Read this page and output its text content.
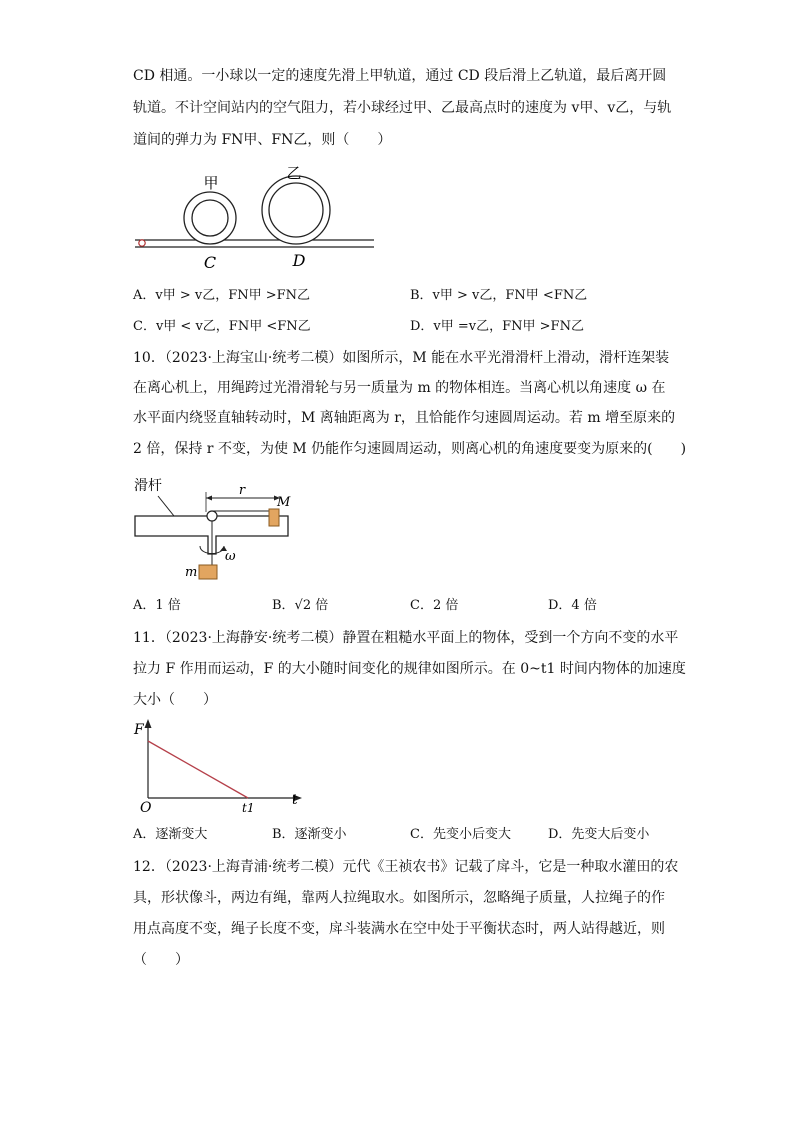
CD 相通。一小球以一定的速度先滑上甲轨道，通过 CD 段后滑上乙轨道，最后离开圆
轨道。不计空间站内的空气阻力，若小球经过甲、乙最高点时的速度为 v甲、v乙，与轨
道间的弹力为 FN甲、FN乙，则（　　）
甲
乙
C	D
A．v甲 > v乙，FN甲 >FN乙	B．v甲 > v乙，FN甲 <FN乙
C．v甲 < v乙，FN甲 <FN乙	D．v甲 =v乙，FN甲 >FN乙
10．（2023·上海宝山·统考二模）如图所示，M 能在水平光滑滑杆上滑动，滑杆连架装
在离心机上，用绳跨过光滑滑轮与另一质量为 m 的物体相连。当离心机以角速度 ω 在
水平面内绕竖直轴转动时，M 离轴距离为 r，且恰能作匀速圆周运动。若 m 增至原来的
2 倍，保持 r 不变，为使 M 仍能作匀速圆周运动，则离心机的角速度要变为原来的(　　)
滑杆	r
M
ω
m
A．1 倍	B．√2 倍	C．2 倍	D．4 倍
11．（2023·上海静安·统考二模）静置在粗糙水平面上的物体，受到一个方向不变的水平
拉力 F 作用而运动，F 的大小随时间变化的规律如图所示。在 0~t1 时间内物体的加速度
大小（　　）
F
t
O	t1
A．逐渐变大	B．逐渐变小	C．先变小后变大	D．先变大后变小
12．（2023·上海青浦·统考二模）元代《王祯农书》记载了戽斗，它是一种取水灌田的农
具，形状像斗，两边有绳，靠两人拉绳取水。如图所示，忽略绳子质量，人拉绳子的作
用点高度不变，绳子长度不变，戽斗装满水在空中处于平衡状态时，两人站得越近，则
（　　）
